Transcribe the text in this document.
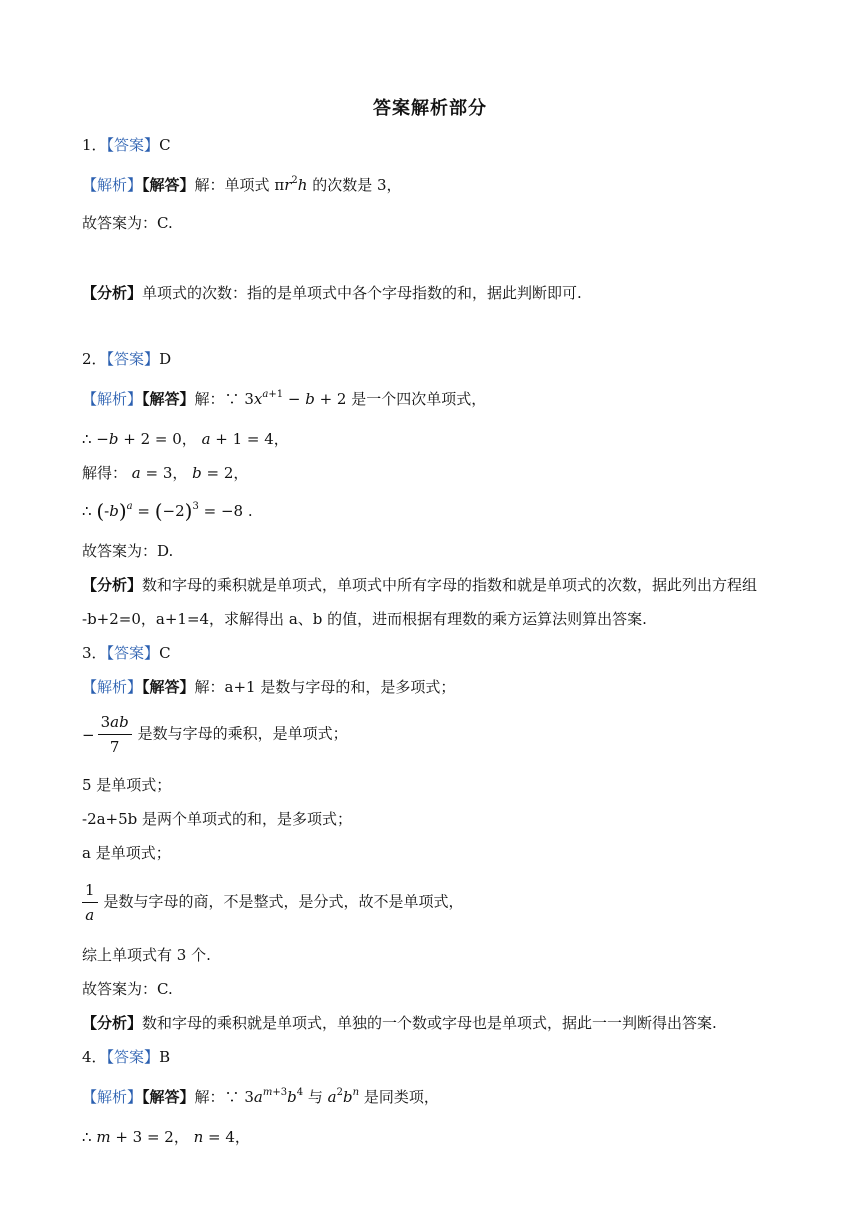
答案解析部分
1．【答案】C
【解析】【解答】解：单项式 $\pi r^2h$ 的次数是 3，
故答案为：C.
【分析】单项式的次数：指的是单项式中各个字母指数的和，据此判断即可.
2．【答案】D
【解析】【解答】解：∵ $3x^{a+1} - b + 2$ 是一个四次单项式，
∴ −b + 2 = 0， a + 1 = 4，
解得： a = 3， b = 2，
∴ $(-b)^a = (-2)^3 = -8$ .
故答案为：D.
【分析】数和字母的乘积就是单项式，单项式中所有字母的指数和就是单项式的次数，据此列出方程组
-b+2=0，a+1=4，求解得出 a、b 的值，进而根据有理数的乘方运算法则算出答案.
3．【答案】C
【解析】【解答】解：a+1 是数与字母的和，是多项式；
− $\frac{3ab}{7}$ 是数与字母的乘积，是单项式；
5 是单项式；
-2a+5b 是两个单项式的和，是多项式；
a 是单项式；
$\frac{1}{a}$ 是数与字母的商，不是整式，是分式，故不是单项式，
综上单项式有 3 个.
故答案为：C.
【分析】数和字母的乘积就是单项式，单独的一个数或字母也是单项式，据此一一判断得出答案.
4．【答案】B
【解析】【解答】解：∵ $3a^{m+3}b^4$ 与 $a^2b^n$ 是同类项，
∴ m + 3 = 2， n = 4，
